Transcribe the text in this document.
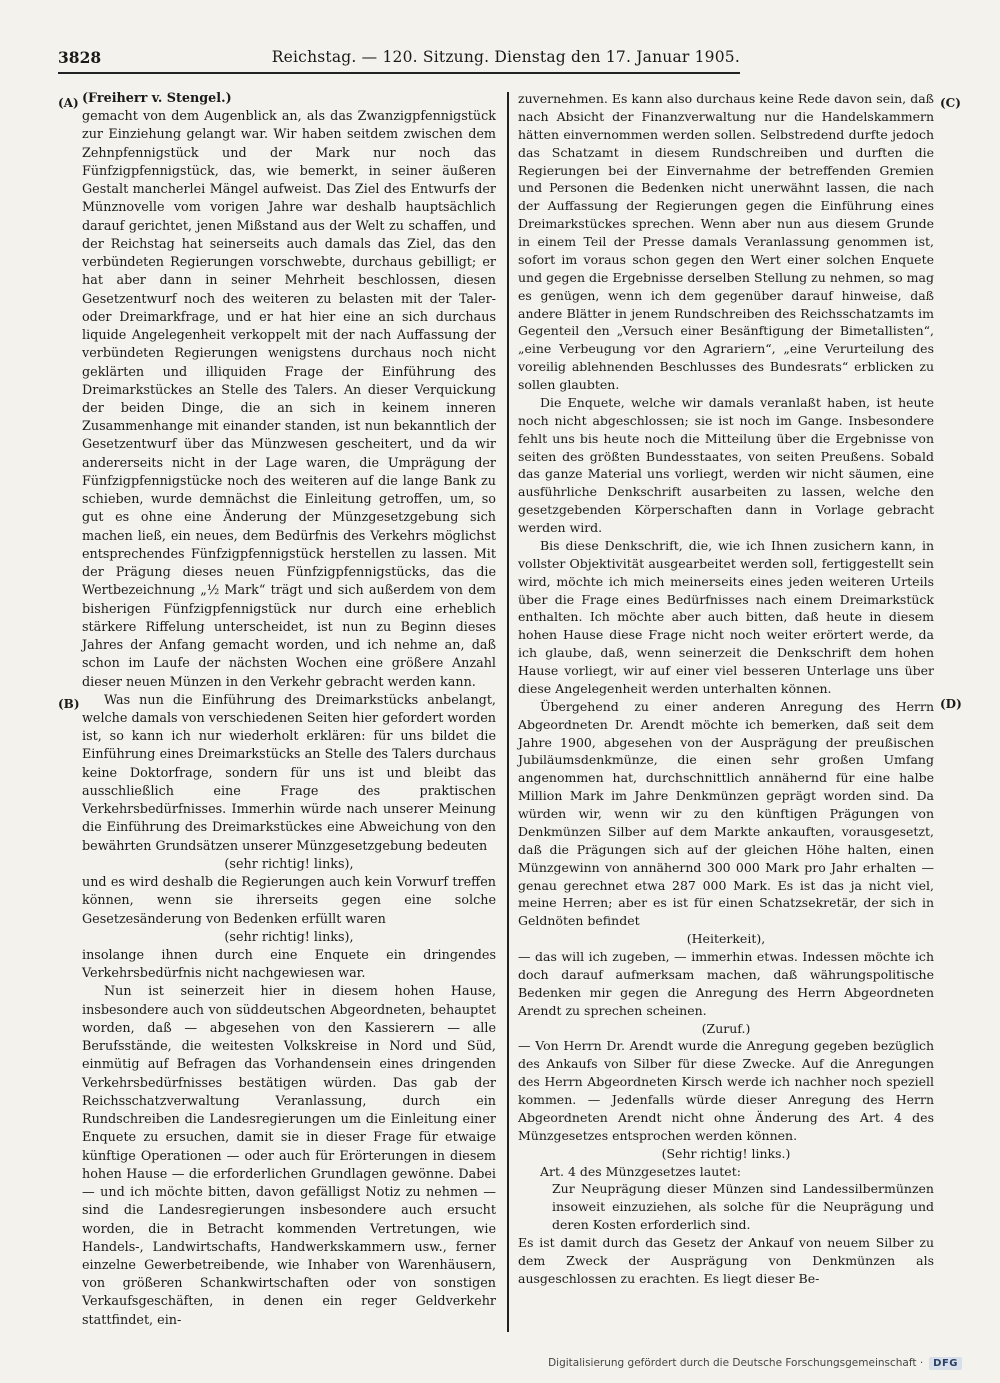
3828	Reichstag. — 120. Sitzung. Dienstag den 17. Januar 1905.
(A)
(B)
(C)
(D)

(Freiherr v. Stengel.)

gemacht von dem Augenblick an, als das Zwanzigpfennigstück zur Einziehung gelangt war. Wir haben seitdem zwischen dem Zehnpfennigstück und der Mark nur noch das Fünfzigpfennigstück, das, wie bemerkt, in seiner äußeren Gestalt mancherlei Mängel aufweist. Das Ziel des Entwurfs der Münznovelle vom vorigen Jahre war deshalb hauptsächlich darauf gerichtet, jenen Mißstand aus der Welt zu schaffen, und der Reichstag hat seinerseits auch damals das Ziel, das den verbündeten Regierungen vorschwebte, durchaus gebilligt; er hat aber dann in seiner Mehrheit beschlossen, diesen Gesetzentwurf noch des weiteren zu belasten mit der Taler- oder Dreimarkfrage, und er hat hier eine an sich durchaus liquide Angelegenheit verkoppelt mit der nach Auffassung der verbündeten Regierungen wenigstens durchaus noch nicht geklärten und illiquiden Frage der Einführung des Dreimarkstückes an Stelle des Talers. An dieser Verquickung der beiden Dinge, die an sich in keinem inneren Zusammenhange mit einander standen, ist nun bekanntlich der Gesetzentwurf über das Münzwesen gescheitert, und da wir andererseits nicht in der Lage waren, die Umprägung der Fünfzigpfennigstücke noch des weiteren auf die lange Bank zu schieben, wurde demnächst die Einleitung getroffen, um, so gut es ohne eine Änderung der Münzgesetzgebung sich machen ließ, ein neues, dem Bedürfnis des Verkehrs möglichst entsprechendes Fünfzigpfennigstück herstellen zu lassen. Mit der Prägung dieses neuen Fünfzigpfennigstücks, das die Wertbezeichnung „½ Mark“ trägt und sich außerdem von dem bisherigen Fünfzigpfennigstück nur durch eine erheblich stärkere Riffelung unterscheidet, ist nun zu Beginn dieses Jahres der Anfang gemacht worden, und ich nehme an, daß schon im Laufe der nächsten Wochen eine größere Anzahl dieser neuen Münzen in den Verkehr gebracht werden kann.

Was nun die Einführung des Dreimarkstücks anbelangt, welche damals von verschiedenen Seiten hier gefordert worden ist, so kann ich nur wiederholt erklären: für uns bildet die Einführung eines Dreimarkstücks an Stelle des Talers durchaus keine Doktorfrage, sondern für uns ist und bleibt das ausschließlich eine Frage des praktischen Verkehrsbedürfnisses. Immerhin würde nach unserer Meinung die Einführung des Dreimarkstückes eine Abweichung von den bewährten Grundsätzen unserer Münzgesetzgebung bedeuten

(sehr richtig! links),

und es wird deshalb die Regierungen auch kein Vorwurf treffen können, wenn sie ihrerseits gegen eine solche Gesetzesänderung von Bedenken erfüllt waren

(sehr richtig! links),

insolange ihnen durch eine Enquete ein dringendes Verkehrsbedürfnis nicht nachgewiesen war.

Nun ist seinerzeit hier in diesem hohen Hause, insbesondere auch von süddeutschen Abgeordneten, behauptet worden, daß — abgesehen von den Kassierern — alle Berufsstände, die weitesten Volkskreise in Nord und Süd, einmütig auf Befragen das Vorhandensein eines dringenden Verkehrsbedürfnisses bestätigen würden. Das gab der Reichsschatzverwaltung Veranlassung, durch ein Rundschreiben die Landesregierungen um die Einleitung einer Enquete zu ersuchen, damit sie in dieser Frage für etwaige künftige Operationen — oder auch für Erörterungen in diesem hohen Hause — die erforderlichen Grundlagen gewönne. Dabei — und ich möchte bitten, davon gefälligst Notiz zu nehmen — sind die Landesregierungen insbesondere auch ersucht worden, die in Betracht kommenden Vertretungen, wie Handels-, Landwirtschafts, Handwerkskammern usw., ferner einzelne Gewerbetreibende, wie Inhaber von Warenhäusern, von größeren Schankwirtschaften oder von sonstigen Verkaufsgeschäften, in denen ein reger Geldverkehr stattfindet, ein-

zuvernehmen. Es kann also durchaus keine Rede davon sein, daß nach Absicht der Finanzverwaltung nur die Handelskammern hätten einvernommen werden sollen. Selbstredend durfte jedoch das Schatzamt in diesem Rundschreiben und durften die Regierungen bei der Einvernahme der betreffenden Gremien und Personen die Bedenken nicht unerwähnt lassen, die nach der Auffassung der Regierungen gegen die Einführung eines Dreimarkstückes sprechen. Wenn aber nun aus diesem Grunde in einem Teil der Presse damals Veranlassung genommen ist, sofort im voraus schon gegen den Wert einer solchen Enquete und gegen die Ergebnisse derselben Stellung zu nehmen, so mag es genügen, wenn ich dem gegenüber darauf hinweise, daß andere Blätter in jenem Rundschreiben des Reichsschatzamts im Gegenteil den „Versuch einer Besänftigung der Bimetallisten“, „eine Verbeugung vor den Agrariern“, „eine Verurteilung des voreilig ablehnenden Beschlusses des Bundesrats“ erblicken zu sollen glaubten.

Die Enquete, welche wir damals veranlaßt haben, ist heute noch nicht abgeschlossen; sie ist noch im Gange. Insbesondere fehlt uns bis heute noch die Mitteilung über die Ergebnisse von seiten des größten Bundesstaates, von seiten Preußens. Sobald das ganze Material uns vorliegt, werden wir nicht säumen, eine ausführliche Denkschrift ausarbeiten zu lassen, welche den gesetzgebenden Körperschaften dann in Vorlage gebracht werden wird.

Bis diese Denkschrift, die, wie ich Ihnen zusichern kann, in vollster Objektivität ausgearbeitet werden soll, fertiggestellt sein wird, möchte ich mich meinerseits eines jeden weiteren Urteils über die Frage eines Bedürfnisses nach einem Dreimarkstück enthalten. Ich möchte aber auch bitten, daß heute in diesem hohen Hause diese Frage nicht noch weiter erörtert werde, da ich glaube, daß, wenn seinerzeit die Denkschrift dem hohen Hause vorliegt, wir auf einer viel besseren Unterlage uns über diese Angelegenheit werden unterhalten können.

Übergehend zu einer anderen Anregung des Herrn Abgeordneten Dr. Arendt möchte ich bemerken, daß seit dem Jahre 1900, abgesehen von der Ausprägung der preußischen Jubiläumsdenkmünze, die einen sehr großen Umfang angenommen hat, durchschnittlich annähernd für eine halbe Million Mark im Jahre Denkmünzen geprägt worden sind. Da würden wir, wenn wir zu den künftigen Prägungen von Denkmünzen Silber auf dem Markte ankauften, vorausgesetzt, daß die Prägungen sich auf der gleichen Höhe halten, einen Münzgewinn von annähernd 300 000 Mark pro Jahr erhalten — genau gerechnet etwa 287 000 Mark. Es ist das ja nicht viel, meine Herren; aber es ist für einen Schatzsekretär, der sich in Geldnöten befindet

(Heiterkeit),

— das will ich zugeben, — immerhin etwas. Indessen möchte ich doch darauf aufmerksam machen, daß währungspolitische Bedenken mir gegen die Anregung des Herrn Abgeordneten Arendt zu sprechen scheinen.

(Zuruf.)

— Von Herrn Dr. Arendt wurde die Anregung gegeben bezüglich des Ankaufs von Silber für diese Zwecke. Auf die Anregungen des Herrn Abgeordneten Kirsch werde ich nachher noch speziell kommen. — Jedenfalls würde dieser Anregung des Herrn Abgeordneten Arendt nicht ohne Änderung des Art. 4 des Münzgesetzes entsprochen werden können.

(Sehr richtig! links.)

Art. 4 des Münzgesetzes lautet:

Zur Neuprägung dieser Münzen sind Landessilbermünzen insoweit einzuziehen, als solche für die Neuprägung und deren Kosten erforderlich sind.

Es ist damit durch das Gesetz der Ankauf von neuem Silber zu dem Zweck der Ausprägung von Denkmünzen als ausgeschlossen zu erachten. Es liegt dieser Be-

Digitalisierung gefördert durch die Deutsche Forschungsgemeinschaft ·	DFG
